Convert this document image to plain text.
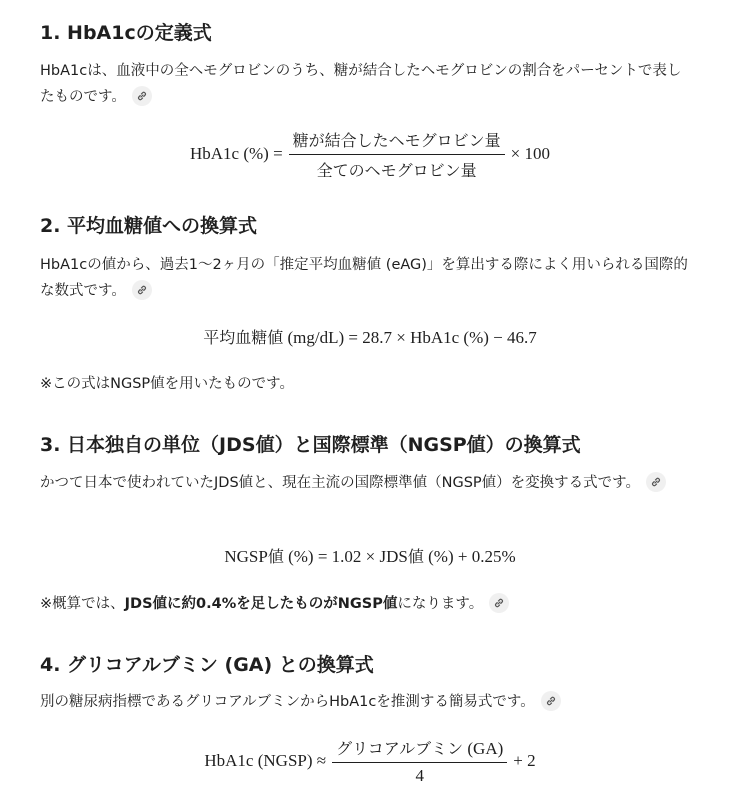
1. HbA1cの定義式

HbA1cは、血液中の全ヘモグロビンのうち、糖が結合したヘモグロビンの割合をパーセントで表したものです。

HbA1c (%) = $\frac{\text{糖が結合したヘモグロビン量}}{\text{全てのヘモグロビン量}} \times 100$
2. 平均血糖値への換算式

HbA1cの値から、過去1〜2ヶ月の「推定平均血糖値 (eAG)」を算出する際によく用いられる国際的な数式です。

平均血糖値 (mg/dL) = 28.7 × HbA1c (%) − 46.7

※この式はNGSP値を用いたものです。

3. 日本独自の単位（JDS値）と国際標準（NGSP値）の換算式

かつて日本で使われていたJDS値と、現在主流の国際標準値（NGSP値）を変換する式です。

NGSP値 (%) = 1.02 × JDS値 (%) + 0.25%

※概算では、JDS値に約0.4%を足したものがNGSP値になります。

4. グリコアルブミン (GA) との換算式

別の糖尿病指標であるグリコアルブミンからHbA1cを推測する簡易式です。

HbA1c (NGSP) ≈ $\frac{\text{グリコアルブミン (GA)}}{4} + 2$
